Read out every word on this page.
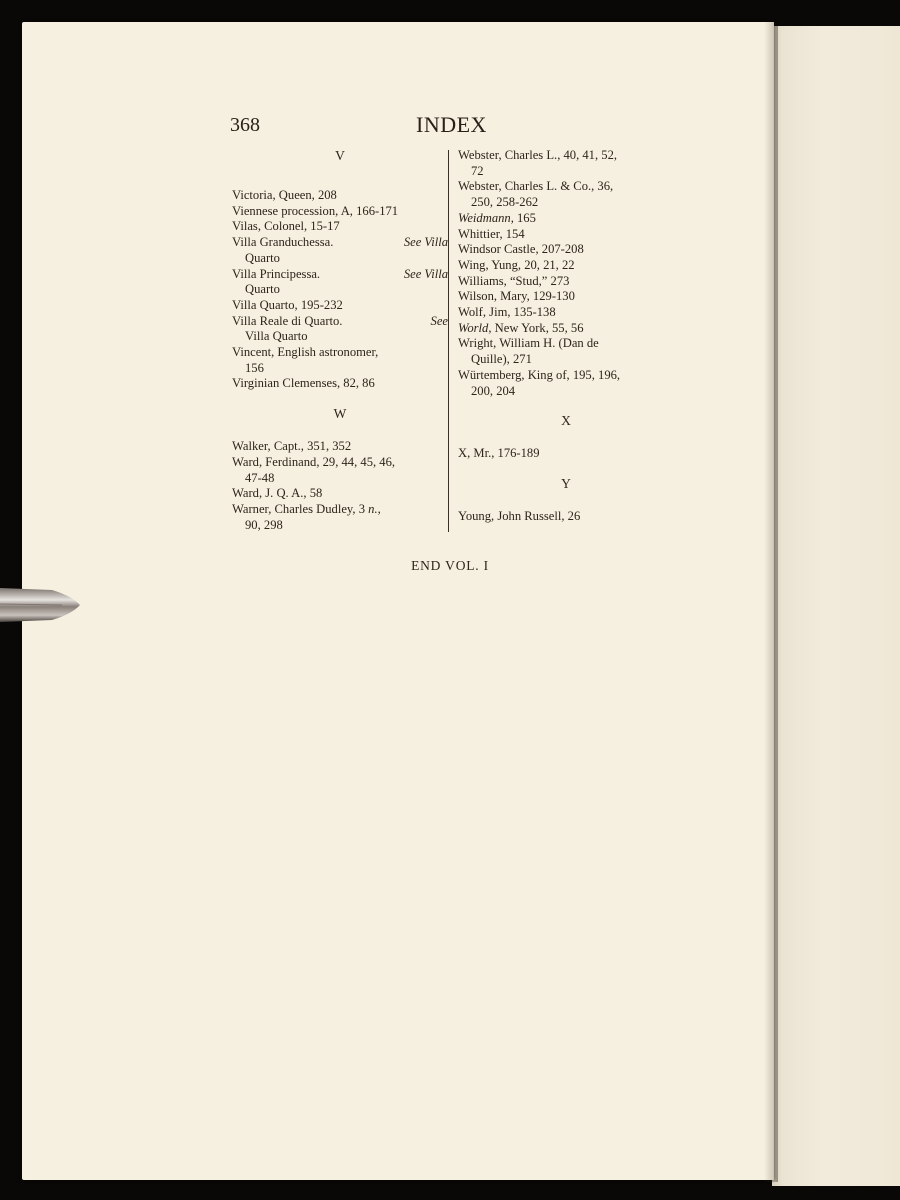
368	INDEX
V
Victoria, Queen, 208
Viennese procession, A, 166-171
Vilas, Colonel, 15-17
Villa Granduchessa.	See Villa
Quarto
Villa Principessa.	See Villa
Quarto
Villa Quarto, 195-232
Villa Reale di Quarto.	See
Villa Quarto
Vincent, English astronomer,
156
Virginian Clemenses, 82, 86
W
Walker, Capt., 351, 352
Ward, Ferdinand, 29, 44, 45, 46,
47-48
Ward, J. Q. A., 58
Warner, Charles Dudley, 3 n.,
90, 298
Webster, Charles L., 40, 41, 52,
72
Webster, Charles L. & Co., 36,
250, 258-262
Weidmann, 165
Whittier, 154
Windsor Castle, 207-208
Wing, Yung, 20, 21, 22
Williams, “Stud,” 273
Wilson, Mary, 129-130
Wolf, Jim, 135-138
World, New York, 55, 56
Wright, William H. (Dan de
Quille), 271
Würtemberg, King of, 195, 196,
200, 204
X
X, Mr., 176-189
Y
Young, John Russell, 26
END VOL. I
